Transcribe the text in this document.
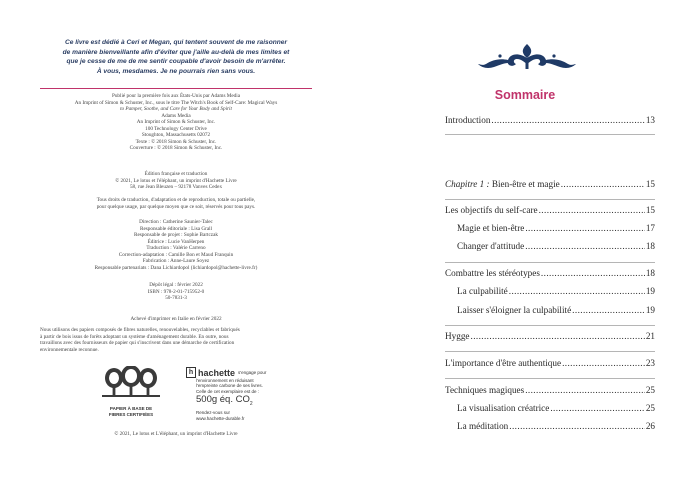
Ce livre est dédié à Ceri et Megan, qui tentent souvent de me raisonner
de manière bienveillante afin d'éviter que j'aille au-delà de mes limites et
que je cesse de me de me sentir coupable d'avoir besoin de m'arrêter.
À vous, mesdames. Je ne pourrais rien sans vous.
Publié pour la première fois aux États-Unis par Adams Media
An Imprint of Simon & Schuster, Inc., sous le titre The Witch's Book of Self-Care: Magical Ways
to Pamper, Soothe, and Care for Your Body and Spirit
Adams Media
An Imprint of Simon & Schuster, Inc.
100 Technology Center Drive
Stoughton, Massachusetts 02072
Texte : © 2018 Simon & Schuster, Inc.
Couverture : © 2018 Simon & Schuster, Inc.
Édition française et traduction
© 2021, Le lotus et l'éléphant, un imprint d'Hachette Livre
58, rue Jean Bleuzen – 92178 Vanves Cedex
Tous droits de traduction, d'adaptation et de reproduction, totale ou partielle,
pour quelque usage, par quelque moyen que ce soit, réservés pour tous pays.
Direction : Catherine Saunier-Talec
Responsable éditoriale : Lisa Grall
Responsable de projet : Sophie Bartczak
Éditrice : Lucie VanHerpen
Traduction : Valérie Carreno
Correction-adaptation : Camille Bon et Maud Franquin
Fabrication : Anne-Laure Soyez
Responsable partenariats : Dana Lichiardopol (lichiardopol@hachette-livre.fr)
Dépôt légal : février 2022
ISBN : 978-2-01-715952-0
50-7831-3
Achevé d'imprimer en Italie en février 2022
Nous utilisons des papiers composés de fibres naturelles, renouvelables, recyclables et fabriqués
à partir de bois issus de forêts adoptant un système d'aménagement durable. En outre, nous
travaillons avec des fournisseurs de papier qui s'inscrivent dans une démarche de certification
environnementale reconnue.
PAPIER À BASE DE
FIBRES CERTIFIÉES
h hachette s'engage pour
l'environnement en réduisant
l'empreinte carbone de ses livres.
Celle de cet exemplaire est de :
500g éq. $CO_2$
Rendez-vous sur
www.hachette-durable.fr
© 2021, Le lotus et L'éléphant, un imprint d'Hachette Livre
Sommaire
Introduction .....	13
Chapitre 1 : Bien-être et magie .....	15
Les objectifs du self-care .....	15
Magie et bien-être .....	17
Changer d'attitude .....	18
Combattre les stéréotypes .....	18
La culpabilité .....	19
Laisser s'éloigner la culpabilité .....	19
Hygge .....	21
L'importance d'être authentique .....	23
Techniques magiques .....	25
La visualisation créatrice .....	25
La méditation .....	26
